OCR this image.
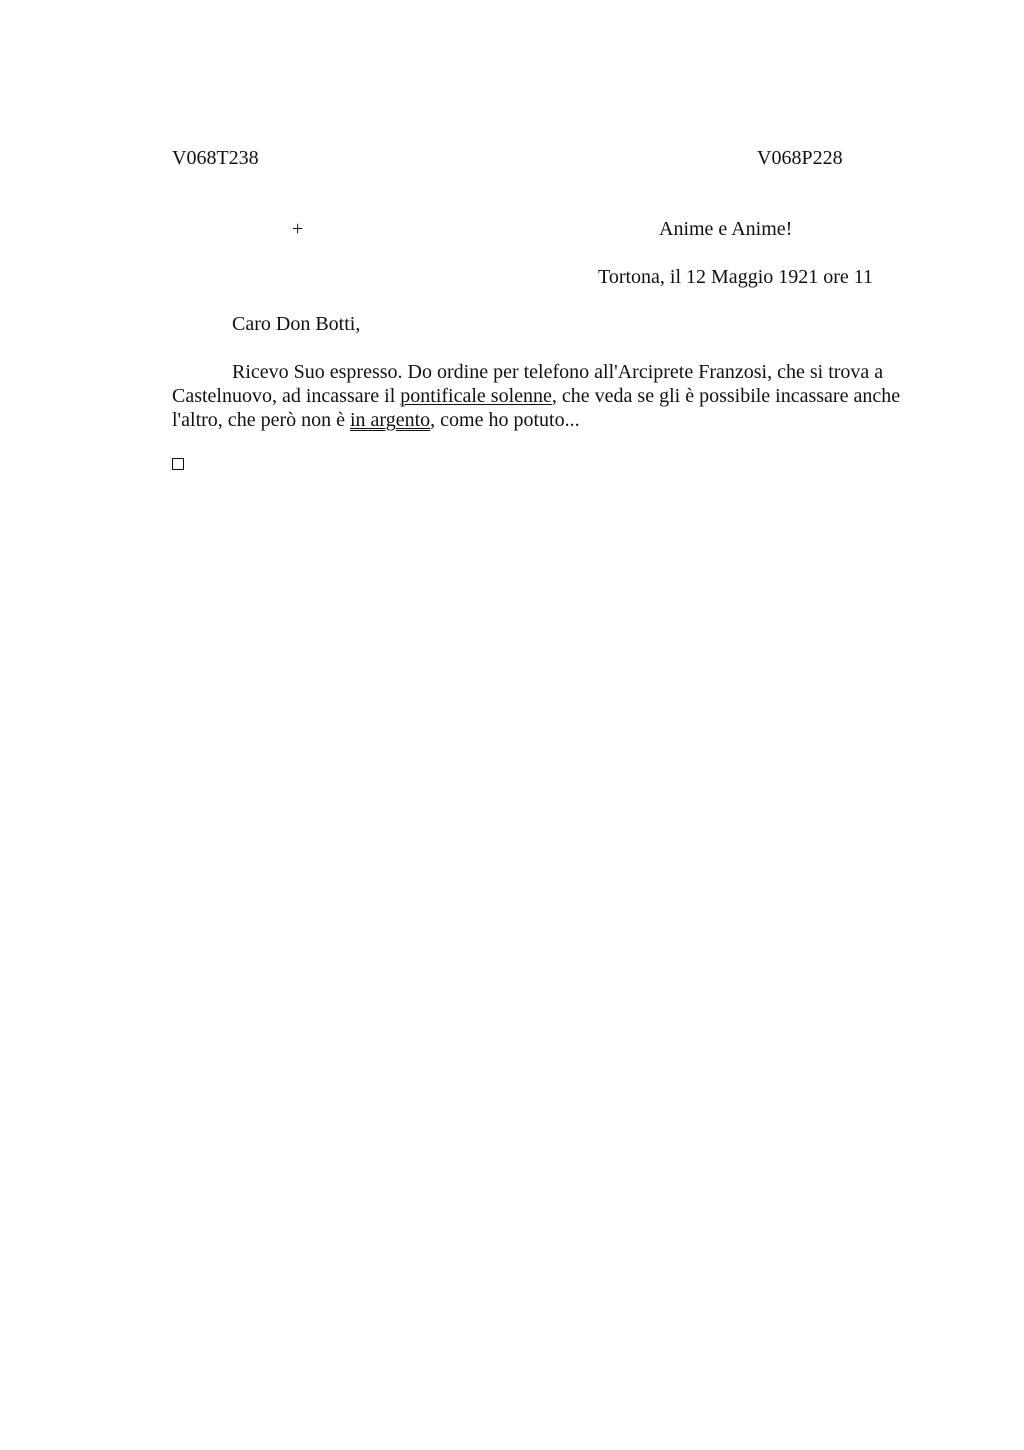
V068T238	V068P228
+	Anime e Anime!
Tortona, il 12 Maggio 1921 ore 11
Caro Don Botti,

Ricevo Suo espresso. Do ordine per telefono all'Arciprete Franzosi, che si trova a Castelnuovo, ad incassare il pontificale solenne, che veda se gli è possibile incassare anche l'altro, che però non è in argento, come ho potuto...
